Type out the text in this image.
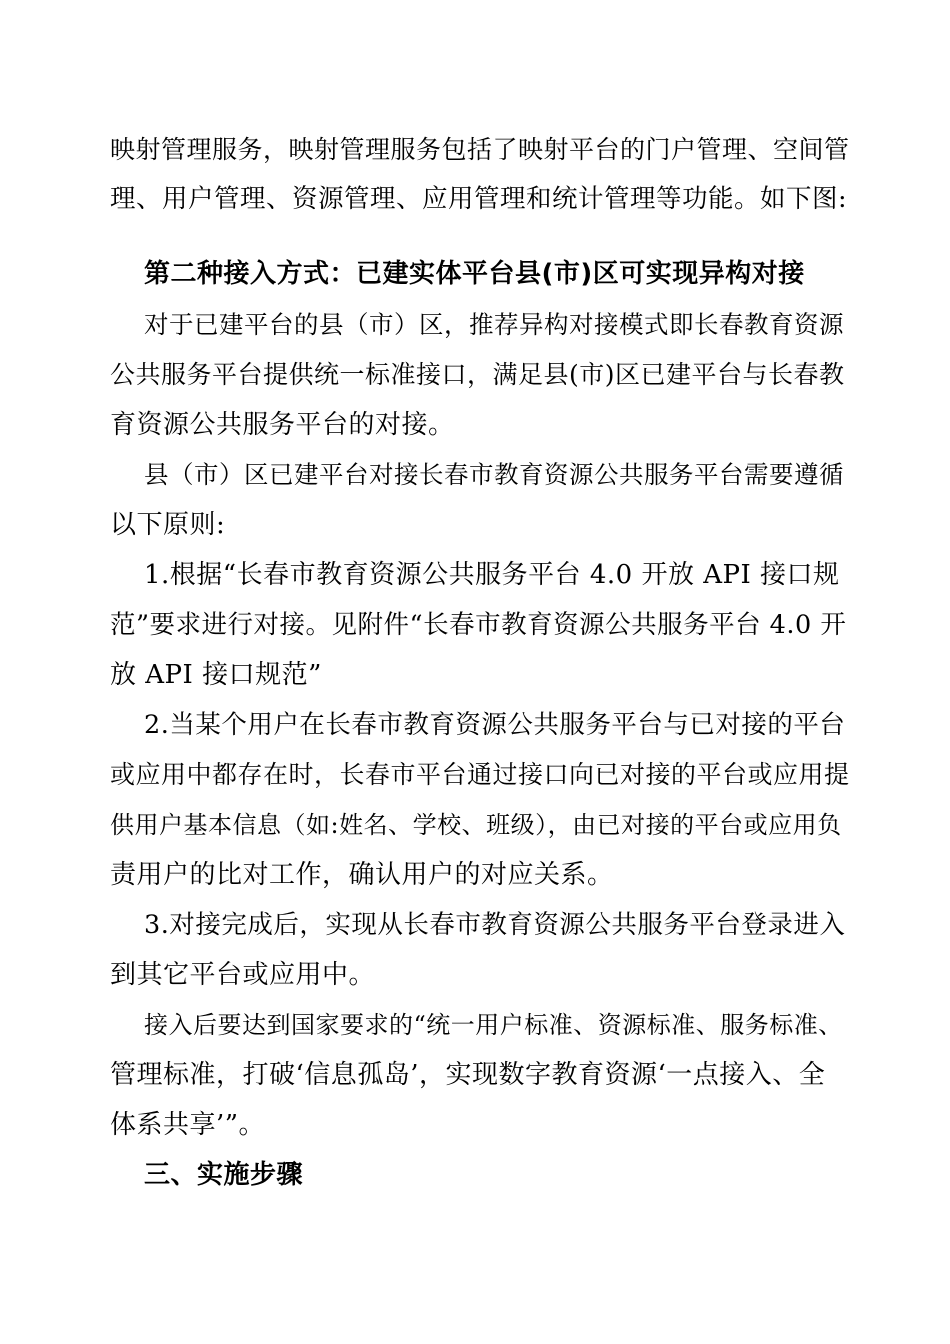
映射管理服务，映射管理服务包括了映射平台的门户管理、空间管
理、用户管理、资源管理、应用管理和统计管理等功能。如下图:
第二种接入方式：已建实体平台县(市)区可实现异构对接
对于已建平台的县（市）区，推荐异构对接模式即长春教育资源
公共服务平台提供统一标准接口，满足县(市)区已建平台与长春教
育资源公共服务平台的对接。
县（市）区已建平台对接长春市教育资源公共服务平台需要遵循
以下原则:
1.根据“长春市教育资源公共服务平台 4.0 开放 API 接口规
范”要求进行对接。见附件“长春市教育资源公共服务平台 4.0 开
放 API 接口规范”
2.当某个用户在长春市教育资源公共服务平台与已对接的平台
或应用中都存在时，长春市平台通过接口向已对接的平台或应用提
供用户基本信息（如:姓名、学校、班级），由已对接的平台或应用负
责用户的比对工作，确认用户的对应关系。
3.对接完成后，实现从长春市教育资源公共服务平台登录进入
到其它平台或应用中。
接入后要达到国家要求的“统一用户标准、资源标准、服务标准、
管理标准，打破‘信息孤岛’，实现数字教育资源‘一点接入、全
体系共享’”。
三、实施步骤
